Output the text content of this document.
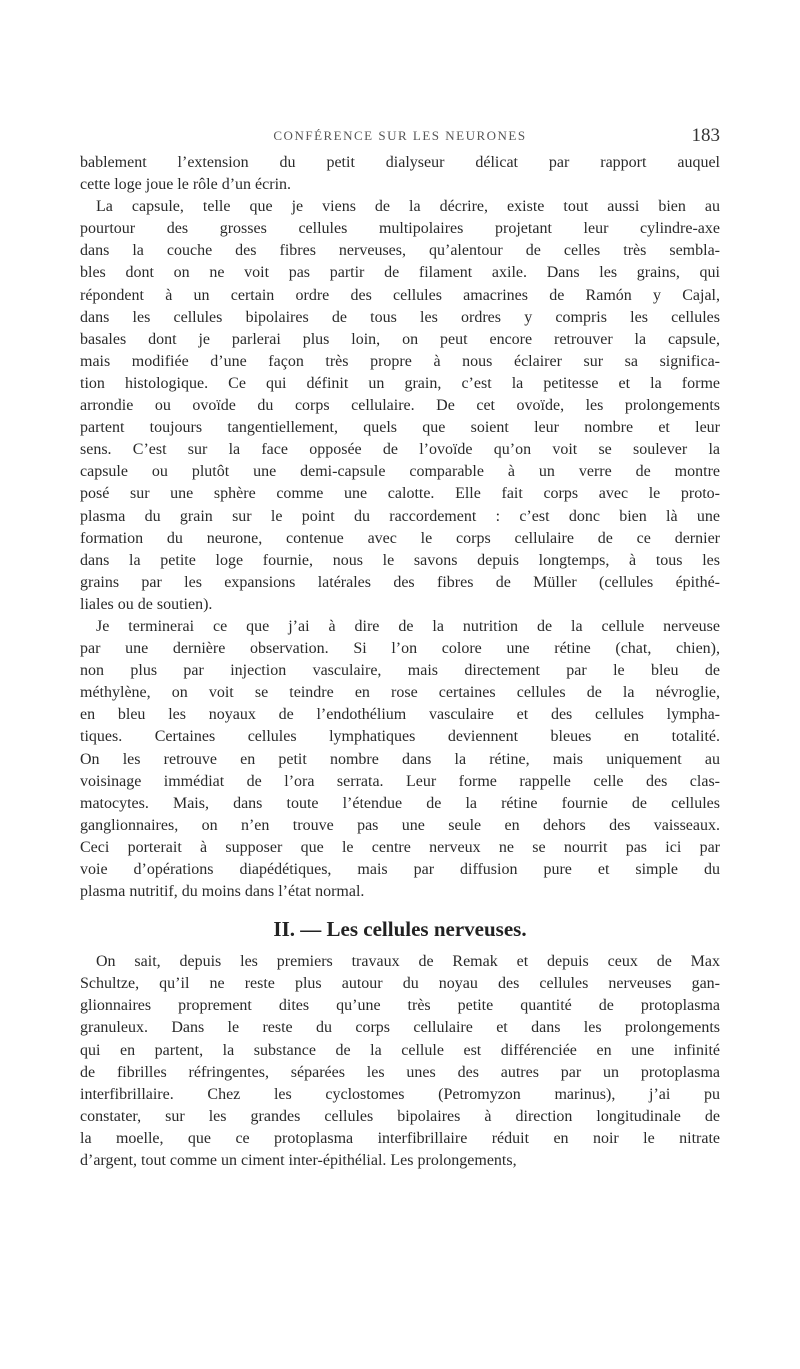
CONFÉRENCE SUR LES NEURONES	183
bablement l’extension du petit dialyseur délicat par rapport auquel
cette loge joue le rôle d’un écrin.
La capsule, telle que je viens de la décrire, existe tout aussi bien au
pourtour des grosses cellules multipolaires projetant leur cylindre-axe
dans la couche des fibres nerveuses, qu’alentour de celles très sembla-
bles dont on ne voit pas partir de filament axile. Dans les grains, qui
répondent à un certain ordre des cellules amacrines de Ramón y Cajal,
dans les cellules bipolaires de tous les ordres y compris les cellules
basales dont je parlerai plus loin, on peut encore retrouver la capsule,
mais modifiée d’une façon très propre à nous éclairer sur sa significa-
tion histologique. Ce qui définit un grain, c’est la petitesse et la forme
arrondie ou ovoïde du corps cellulaire. De cet ovoïde, les prolongements
partent toujours tangentiellement, quels que soient leur nombre et leur
sens. C’est sur la face opposée de l’ovoïde qu’on voit se soulever la
capsule ou plutôt une demi-capsule comparable à un verre de montre
posé sur une sphère comme une calotte. Elle fait corps avec le proto-
plasma du grain sur le point du raccordement : c’est donc bien là une
formation du neurone, contenue avec le corps cellulaire de ce dernier
dans la petite loge fournie, nous le savons depuis longtemps, à tous les
grains par les expansions latérales des fibres de Müller (cellules épithé-
liales ou de soutien).
Je terminerai ce que j’ai à dire de la nutrition de la cellule nerveuse
par une dernière observation. Si l’on colore une rétine (chat, chien),
non plus par injection vasculaire, mais directement par le bleu de
méthylène, on voit se teindre en rose certaines cellules de la névroglie,
en bleu les noyaux de l’endothélium vasculaire et des cellules lympha-
tiques. Certaines cellules lymphatiques deviennent bleues en totalité.
On les retrouve en petit nombre dans la rétine, mais uniquement au
voisinage immédiat de l’ora serrata. Leur forme rappelle celle des clas-
matocytes. Mais, dans toute l’étendue de la rétine fournie de cellules
ganglionnaires, on n’en trouve pas une seule en dehors des vaisseaux.
Ceci porterait à supposer que le centre nerveux ne se nourrit pas ici par
voie d’opérations diapédétiques, mais par diffusion pure et simple du
plasma nutritif, du moins dans l’état normal.
II. — Les cellules nerveuses.
On sait, depuis les premiers travaux de Remak et depuis ceux de Max
Schultze, qu’il ne reste plus autour du noyau des cellules nerveuses gan-
glionnaires proprement dites qu’une très petite quantité de protoplasma
granuleux. Dans le reste du corps cellulaire et dans les prolongements
qui en partent, la substance de la cellule est différenciée en une infinité
de fibrilles réfringentes, séparées les unes des autres par un protoplasma
interfibrillaire. Chez les cyclostomes (Petromyzon marinus), j’ai pu
constater, sur les grandes cellules bipolaires à direction longitudinale de
la moelle, que ce protoplasma interfibrillaire réduit en noir le nitrate
d’argent, tout comme un ciment inter-épithélial. Les prolongements,
